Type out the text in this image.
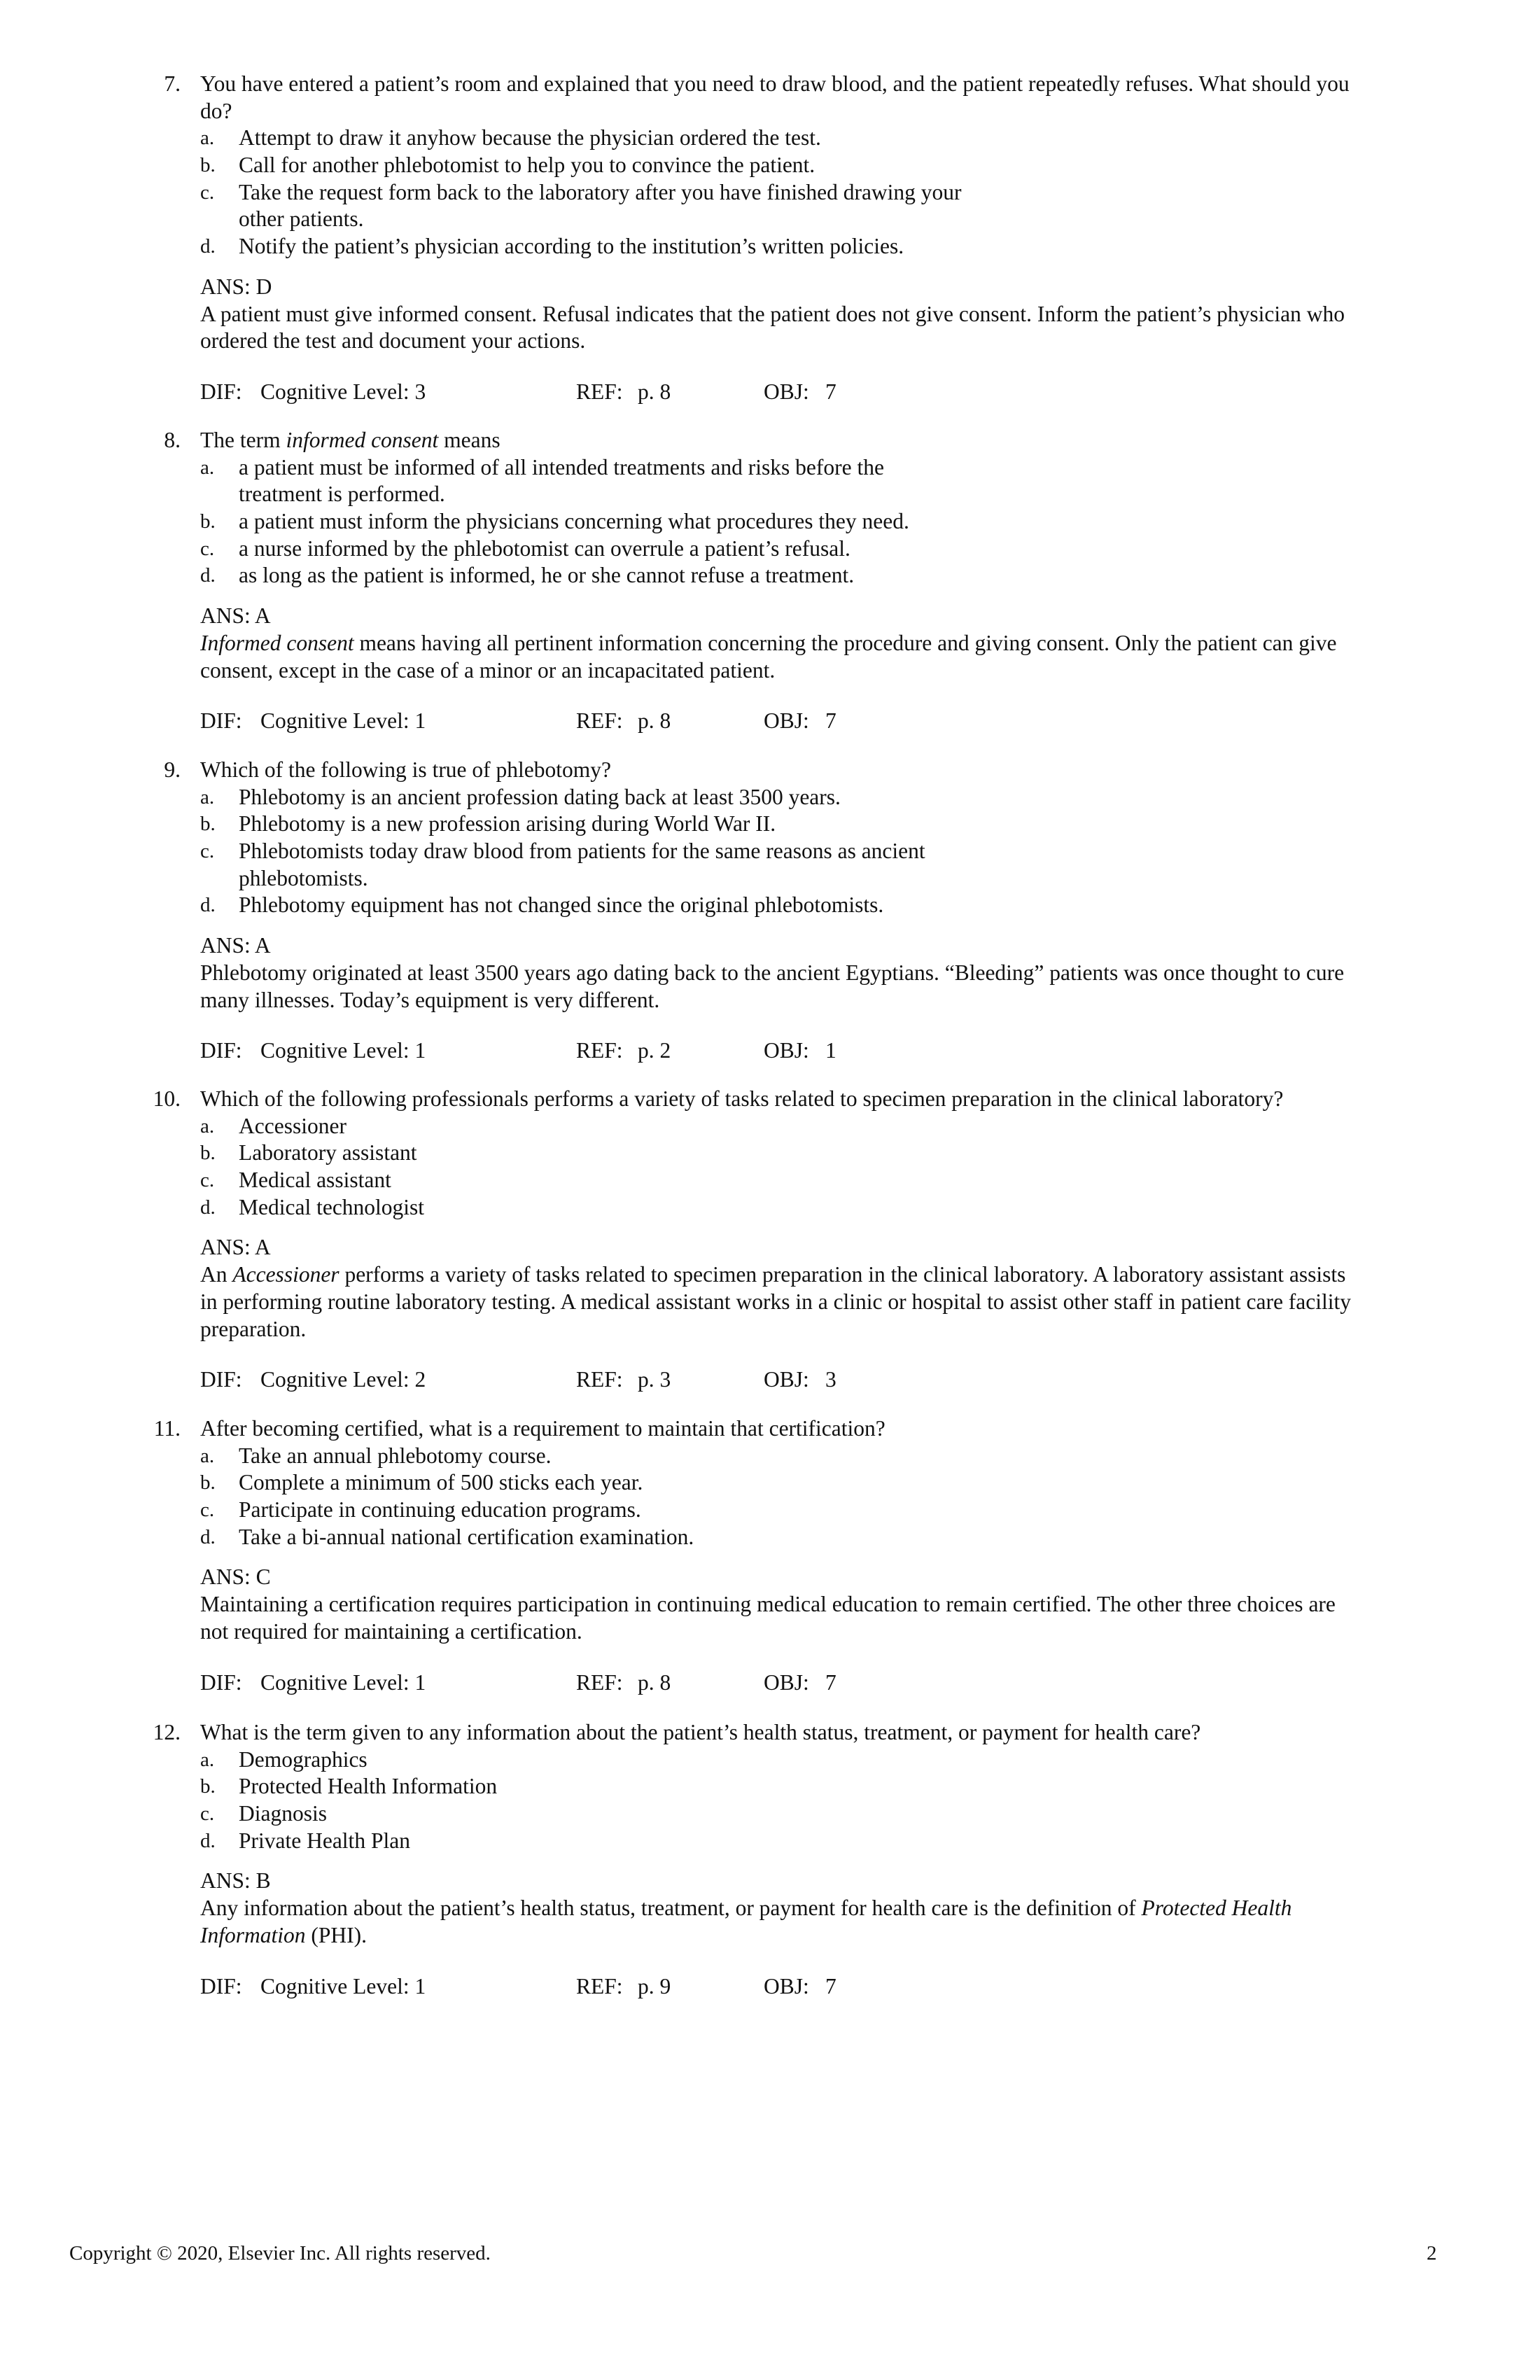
7. You have entered a patient’s room and explained that you need to draw blood, and the patient repeatedly refuses. What should you
do?
a. Attempt to draw it anyhow because the physician ordered the test.
b. Call for another phlebotomist to help you to convince the patient.
c. Take the request form back to the laboratory after you have finished drawing your
other patients.
d. Notify the patient’s physician according to the institution’s written policies.
ANS: D
A patient must give informed consent. Refusal indicates that the patient does not give consent. Inform the patient’s physician who
ordered the test and document your actions.
DIF: Cognitive Level: 3	REF: p. 8	OBJ: 7
8. The term informed consent means
a. a patient must be informed of all intended treatments and risks before the
treatment is performed.
b. a patient must inform the physicians concerning what procedures they need.
c. a nurse informed by the phlebotomist can overrule a patient’s refusal.
d. as long as the patient is informed, he or she cannot refuse a treatment.
ANS: A
Informed consent means having all pertinent information concerning the procedure and giving consent. Only the patient can give
consent, except in the case of a minor or an incapacitated patient.
DIF: Cognitive Level: 1	REF: p. 8	OBJ: 7
9. Which of the following is true of phlebotomy?
a. Phlebotomy is an ancient profession dating back at least 3500 years.
b. Phlebotomy is a new profession arising during World War II.
c. Phlebotomists today draw blood from patients for the same reasons as ancient
phlebotomists.
d. Phlebotomy equipment has not changed since the original phlebotomists.
ANS: A
Phlebotomy originated at least 3500 years ago dating back to the ancient Egyptians. “Bleeding” patients was once thought to cure
many illnesses. Today’s equipment is very different.
DIF: Cognitive Level: 1	REF: p. 2	OBJ: 1
10. Which of the following professionals performs a variety of tasks related to specimen preparation in the clinical laboratory?
a. Accessioner
b. Laboratory assistant
c. Medical assistant
d. Medical technologist
ANS: A
An Accessioner performs a variety of tasks related to specimen preparation in the clinical laboratory. A laboratory assistant assists
in performing routine laboratory testing. A medical assistant works in a clinic or hospital to assist other staff in patient care facility
preparation.
DIF: Cognitive Level: 2	REF: p. 3	OBJ: 3
11. After becoming certified, what is a requirement to maintain that certification?
a. Take an annual phlebotomy course.
b. Complete a minimum of 500 sticks each year.
c. Participate in continuing education programs.
d. Take a bi-annual national certification examination.
ANS: C
Maintaining a certification requires participation in continuing medical education to remain certified. The other three choices are
not required for maintaining a certification.
DIF: Cognitive Level: 1	REF: p. 8	OBJ: 7
12. What is the term given to any information about the patient’s health status, treatment, or payment for health care?
a. Demographics
b. Protected Health Information
c. Diagnosis
d. Private Health Plan
ANS: B
Any information about the patient’s health status, treatment, or payment for health care is the definition of Protected Health
Information (PHI).
DIF: Cognitive Level: 1	REF: p. 9	OBJ: 7
Copyright © 2020, Elsevier Inc. All rights reserved.	2
